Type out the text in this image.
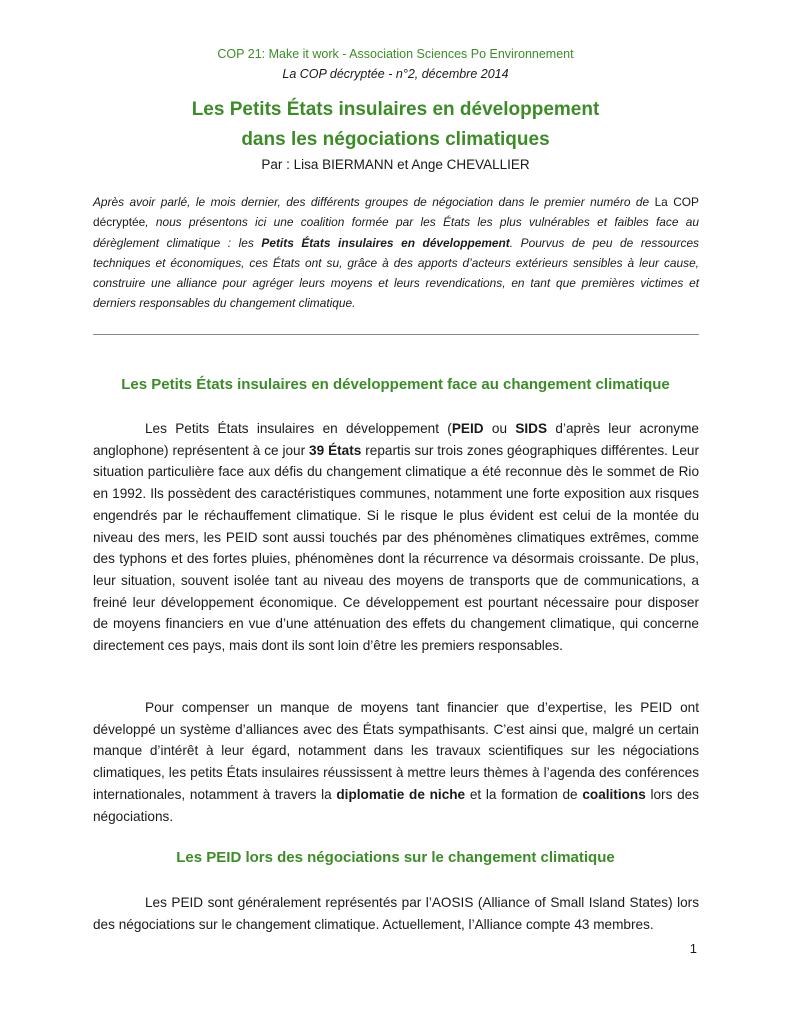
COP 21: Make it work - Association Sciences Po Environnement
La COP décryptée - n°2, décembre 2014
Les Petits États insulaires en développement
dans les négociations climatiques
Par : Lisa BIERMANN et Ange CHEVALLIER

Après avoir parlé, le mois dernier, des différents groupes de négociation dans le premier numéro de La COP décryptée, nous présentons ici une coalition formée par les États les plus vulnérables et faibles face au dérèglement climatique : les Petits États insulaires en développement. Pourvus de peu de ressources techniques et économiques, ces États ont su, grâce à des apports d’acteurs extérieurs sensibles à leur cause, construire une alliance pour agréger leurs moyens et leurs revendications, en tant que premières victimes et derniers responsables du changement climatique.

Les Petits États insulaires en développement face au changement climatique

Les Petits États insulaires en développement (PEID ou SIDS d’après leur acronyme anglophone) représentent à ce jour 39 États repartis sur trois zones géographiques différentes. Leur situation particulière face aux défis du changement climatique a été reconnue dès le sommet de Rio en 1992. Ils possèdent des caractéristiques communes, notamment une forte exposition aux risques engendrés par le réchauffement climatique. Si le risque le plus évident est celui de la montée du niveau des mers, les PEID sont aussi touchés par des phénomènes climatiques extrêmes, comme des typhons et des fortes pluies, phénomènes dont la récurrence va désormais croissante. De plus, leur situation, souvent isolée tant au niveau des moyens de transports que de communications, a freiné leur développement économique. Ce développement est pourtant nécessaire pour disposer de moyens financiers en vue d’une atténuation des effets du changement climatique, qui concerne directement ces pays, mais dont ils sont loin d’être les premiers responsables.

Pour compenser un manque de moyens tant financier que d’expertise, les PEID ont développé un système d’alliances avec des États sympathisants. C’est ainsi que, malgré un certain manque d’intérêt à leur égard, notamment dans les travaux scientifiques sur les négociations climatiques, les petits États insulaires réussissent à mettre leurs thèmes à l’agenda des conférences internationales, notamment à travers la diplomatie de niche et la formation de coalitions lors des négociations.

Les PEID lors des négociations sur le changement climatique

Les PEID sont généralement représentés par l’AOSIS (Alliance of Small Island States) lors des négociations sur le changement climatique. Actuellement, l’Alliance compte 43 membres.

1
